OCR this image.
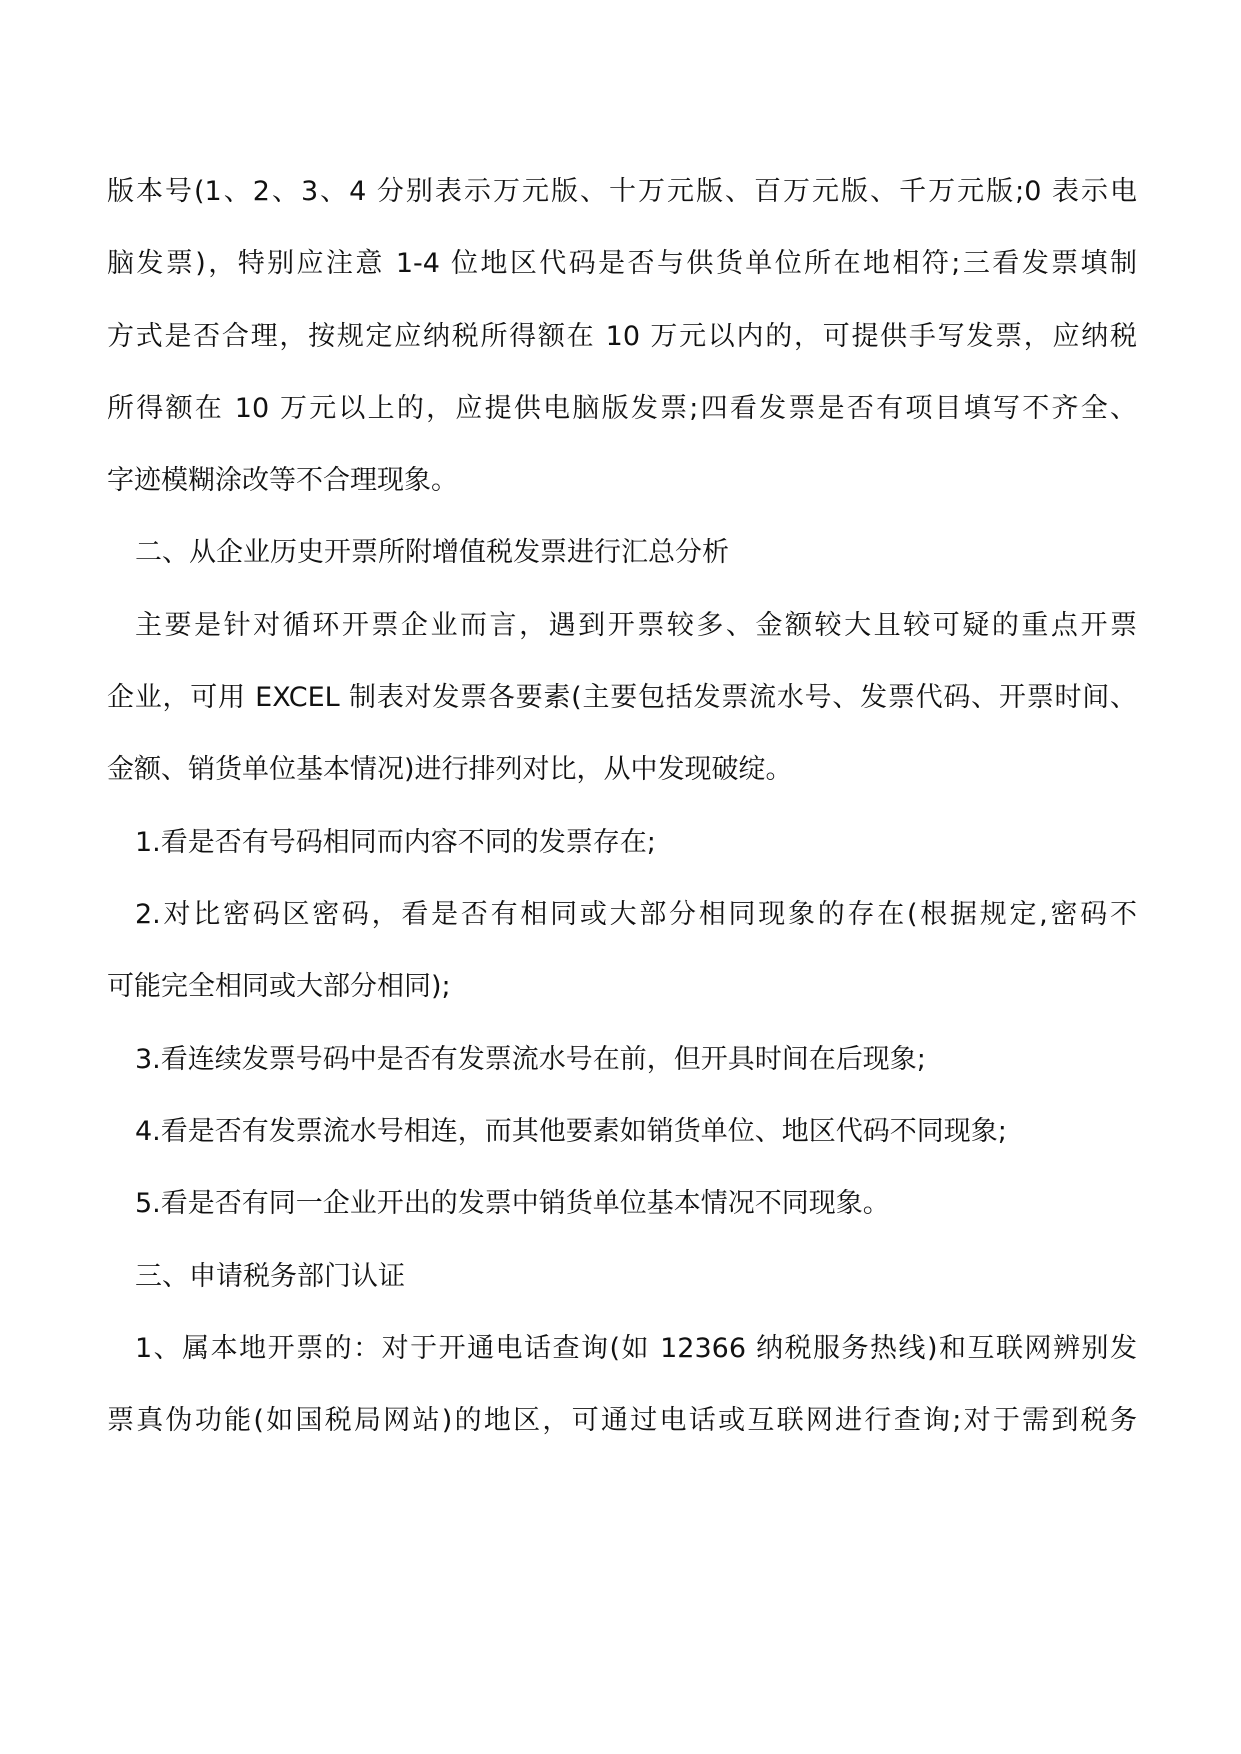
版本号(1、2、3、4 分别表示万元版、十万元版、百万元版、千万元版;0 表示电
脑发票)，特别应注意 1-4 位地区代码是否与供货单位所在地相符;三看发票填制
方式是否合理，按规定应纳税所得额在 10 万元以内的，可提供手写发票，应纳税
所得额在 10 万元以上的，应提供电脑版发票;四看发票是否有项目填写不齐全、
字迹模糊涂改等不合理现象。
二、从企业历史开票所附增值税发票进行汇总分析
主要是针对循环开票企业而言，遇到开票较多、金额较大且较可疑的重点开票
企业，可用 EXCEL 制表对发票各要素(主要包括发票流水号、发票代码、开票时间、
金额、销货单位基本情况)进行排列对比，从中发现破绽。
1.看是否有号码相同而内容不同的发票存在;
2.对比密码区密码，看是否有相同或大部分相同现象的存在(根据规定,密码不
可能完全相同或大部分相同);
3.看连续发票号码中是否有发票流水号在前，但开具时间在后现象;
4.看是否有发票流水号相连，而其他要素如销货单位、地区代码不同现象;
5.看是否有同一企业开出的发票中销货单位基本情况不同现象。
三、申请税务部门认证
1、属本地开票的：对于开通电话查询(如 12366 纳税服务热线)和互联网辨别发
票真伪功能(如国税局网站)的地区，可通过电话或互联网进行查询;对于需到税务
